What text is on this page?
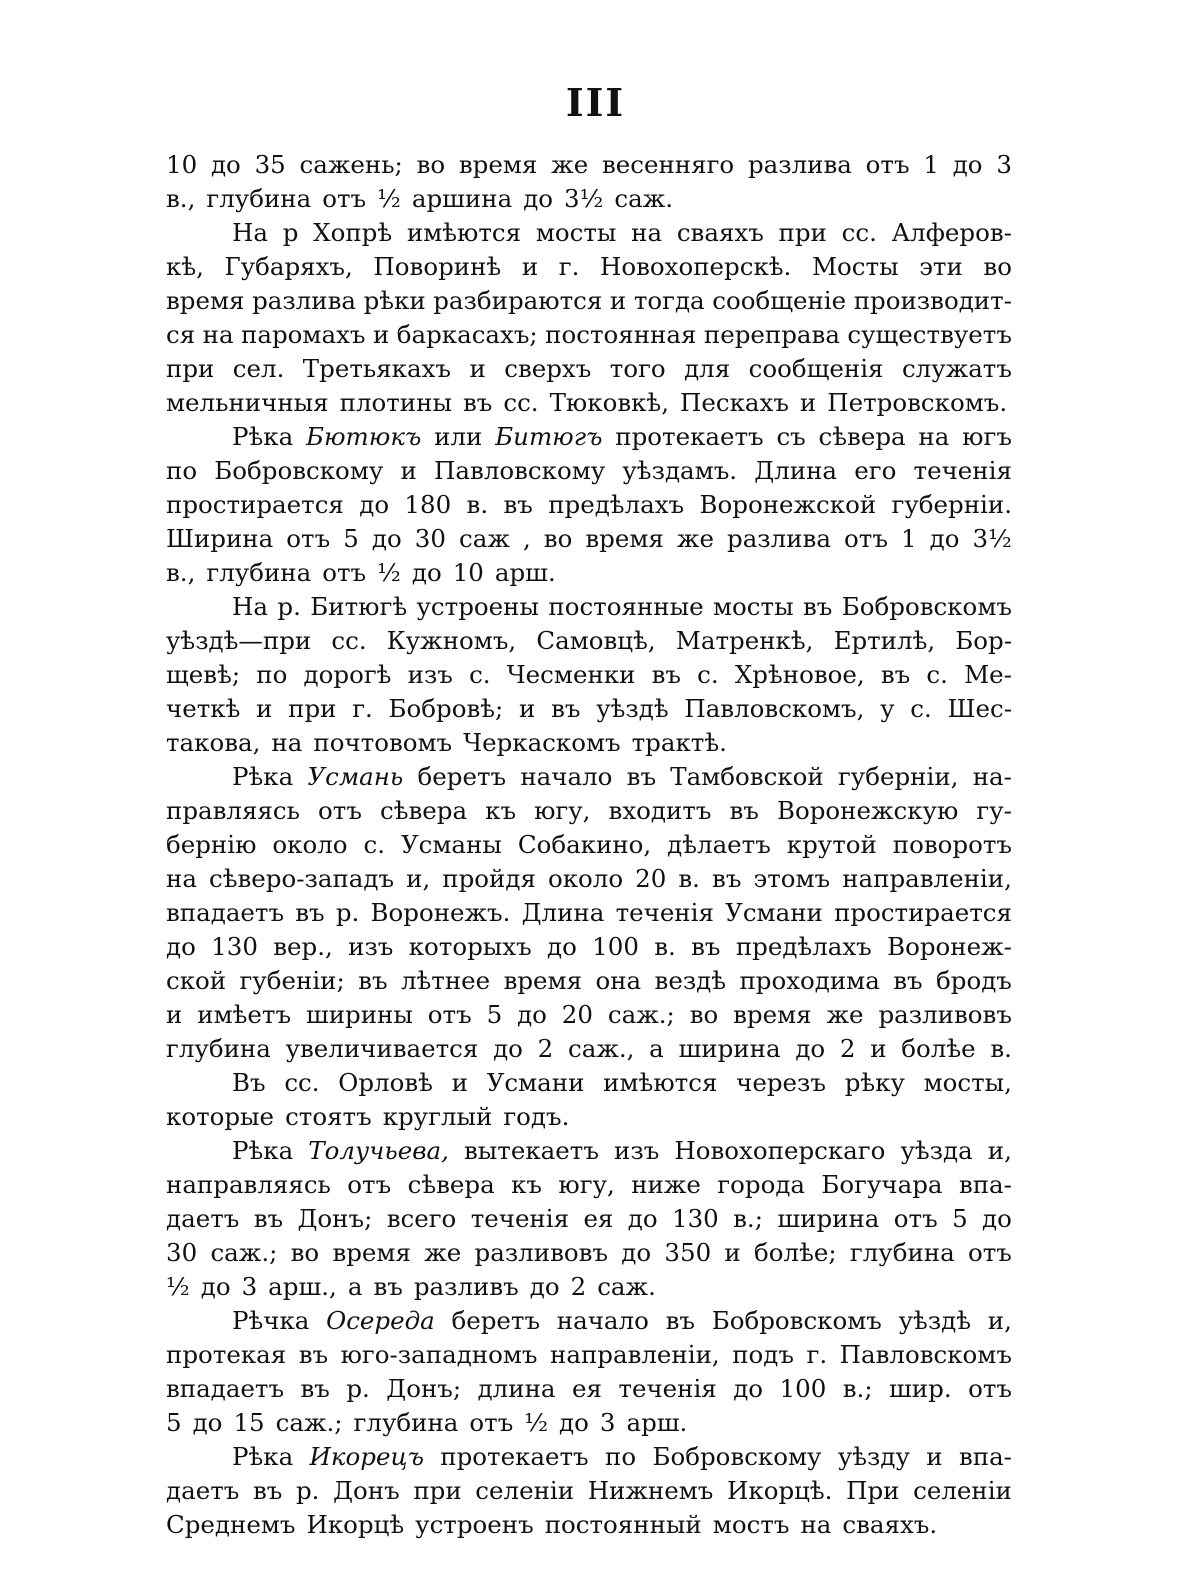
III
10 до 35 сажень; во время же весенняго разлива отъ 1 до 3
в., глубина отъ ¹⁄₂ аршина до 3¹⁄₂ саж.
На р Хопрѣ имѣются мосты на сваяхъ при сс. Алферов-
кѣ, Губаряхъ, Поворинѣ и г. Новохоперскѣ. Мосты эти во
время разлива рѣки разбираются и тогда сообщеніе производит-
ся на паромахъ и баркасахъ; постоянная переправа существуетъ
при сел. Третьякахъ и сверхъ того для сообщенія служатъ
мельничныя плотины въ сс. Тюковкѣ, Пескахъ и Петровскомъ.
Рѣка Бютюкъ или Битюгъ протекаетъ съ сѣвера на югъ
по Бобровскому и Павловскому уѣздамъ. Длина его теченія
простирается до 180 в. въ предѣлахъ Воронежской губерніи.
Ширина отъ 5 до 30 саж , во время же разлива отъ 1 до 3¹⁄₂
в., глубина отъ ¹⁄₂ до 10 арш.
На р. Битюгѣ устроены постоянные мосты въ Бобровскомъ
уѣздѣ—при сс. Кужномъ, Самовцѣ, Матренкѣ, Ертилѣ, Бор-
щевѣ; по дорогѣ изъ с. Чесменки въ с. Хрѣновое, въ с. Ме-
четкѣ и при г. Бобровѣ; и въ уѣздѣ Павловскомъ, у с. Шес-
такова, на почтовомъ Черкаскомъ трактѣ.
Рѣка Усмань беретъ начало въ Тамбовской губерніи, на-
правляясь отъ сѣвера къ югу, входитъ въ Воронежскую гу-
бернію около с. Усманы Собакино, дѣлаетъ крутой поворотъ
на сѣверо-западъ и, пройдя около 20 в. въ этомъ направленіи,
впадаетъ въ р. Воронежъ. Длина теченія Усмани простирается
до 130 вер., изъ которыхъ до 100 в. въ предѣлахъ Воронеж-
ской губеніи; въ лѣтнее время она вездѣ проходима въ бродъ
и имѣетъ ширины отъ 5 до 20 саж.; во время же разливовъ
глубина увеличивается до 2 саж., а ширина до 2 и болѣе в.
Въ сс. Орловѣ и Усмани имѣются черезъ рѣку мосты,
которые стоятъ круглый годъ.
Рѣка Толучьева, вытекаетъ изъ Новохоперскаго уѣзда и,
направляясь отъ сѣвера къ югу, ниже города Богучара впа-
даетъ въ Донъ; всего теченія ея до 130 в.; ширина отъ 5 до
30 саж.; во время же разливовъ до 350 и болѣе; глубина отъ
¹⁄₂ до 3 арш., а въ разливъ до 2 саж.
Рѣчка Осереда беретъ начало въ Бобровскомъ уѣздѣ и,
протекая въ юго-западномъ направленіи, подъ г. Павловскомъ
впадаетъ въ р. Донъ; длина ея теченія до 100 в.; шир. отъ
5 до 15 саж.; глубина отъ ¹⁄₂ до 3 арш.
Рѣка Икорецъ протекаетъ по Бобровскому уѣзду и впа-
даетъ въ р. Донъ при селеніи Нижнемъ Икорцѣ. При селеніи
Среднемъ Икорцѣ устроенъ постоянный мостъ на сваяхъ.
